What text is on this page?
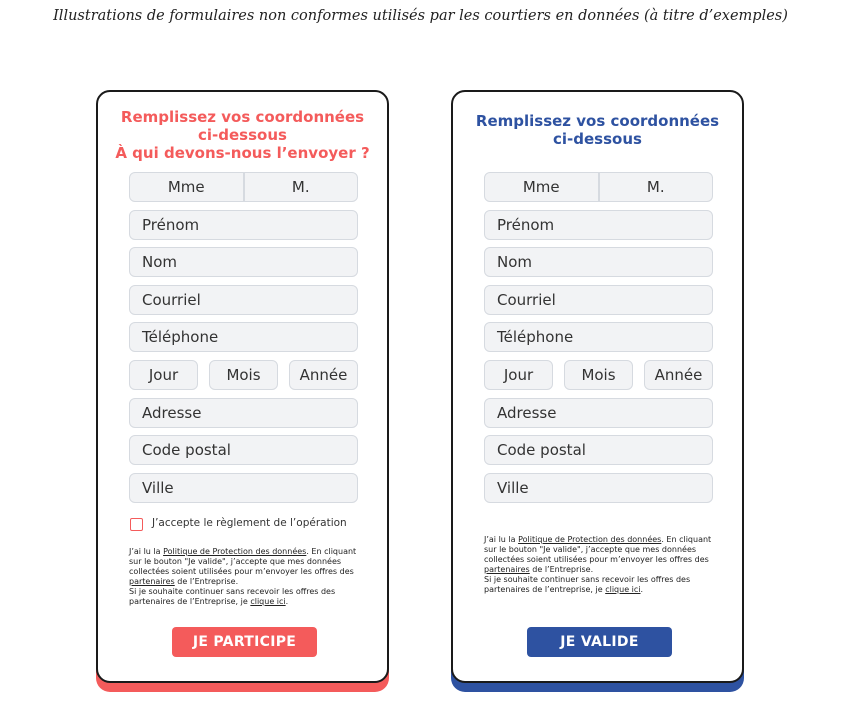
Illustrations de formulaires non conformes utilisés par les courtiers en données (à titre d’exemples)
Remplissez vos coordonnées
ci-dessous
À qui devons-nous l’envoyer ?
Mme	M.
Prénom
Nom
Courriel
Téléphone
Jour	Mois	Année
Adresse
Code postal
Ville
J’accepte le règlement de l’opération
J’ai lu la Politique de Protection des données. En cliquant sur le bouton "Je valide", j’accepte que mes données collectées soient utilisées pour m’envoyer les offres des partenaires de l’Entreprise.
Si je souhaite continuer sans recevoir les offres des partenaires de l’Entreprise, je clique ici.
JE PARTICIPE
Remplissez vos coordonnées
ci-dessous
Mme	M.
Prénom
Nom
Courriel
Téléphone
Jour	Mois	Année
Adresse
Code postal
Ville
J’ai lu la Politique de Protection des données. En cliquant sur le bouton "Je valide", j’accepte que mes données collectées soient utilisées pour m’envoyer les offres des partenaires de l’Entreprise.
Si je souhaite continuer sans recevoir les offres des partenaires de l’entreprise, je clique ici.
JE VALIDE
